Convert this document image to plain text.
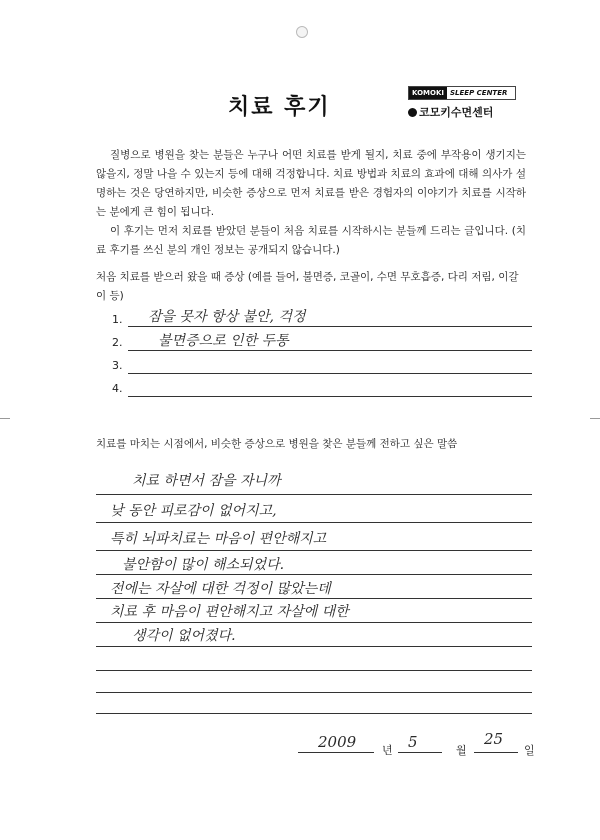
치료 후기
KOMOKI SLEEP CENTER
코모키수면센터

질병으로 병원을 찾는 분들은 누구나 어떤 치료를 받게 될지, 치료 중에 부작용이 생기지는 않을지, 정말 나을 수 있는지 등에 대해 걱정합니다. 치료 방법과 치료의 효과에 대해 의사가 설명하는 것은 당연하지만, 비슷한 증상으로 먼저 치료를 받은 경험자의 이야기가 치료를 시작하는 분에게 큰 힘이 됩니다.

이 후기는 먼저 치료를 받았던 분들이 처음 치료를 시작하시는 분들께 드리는 글입니다. (치료 후기를 쓰신 분의 개인 정보는 공개되지 않습니다.)

처음 치료를 받으러 왔을 때 증상 (예를 들어, 불면증, 코골이, 수면 무호흡증, 다리 저림, 이갈이 등)
1. 잠을 못자 항상 불안, 걱정
2.	불면증으로 인한 두통
3.
4.
치료를 마치는 시점에서, 비슷한 증상으로 병원을 찾은 분들께 전하고 싶은 말씀
치료 하면서 잠을 자니까
낮 동안 피로감이 없어지고,
특히 뇌파치료는 마음이 편안해지고
불안함이 많이 해소되었다.
전에는 자살에 대한 걱정이 많았는데
치료 후 마음이 편안해지고 자살에 대한
생각이 없어졌다.
2009 년 5	월
25
일
